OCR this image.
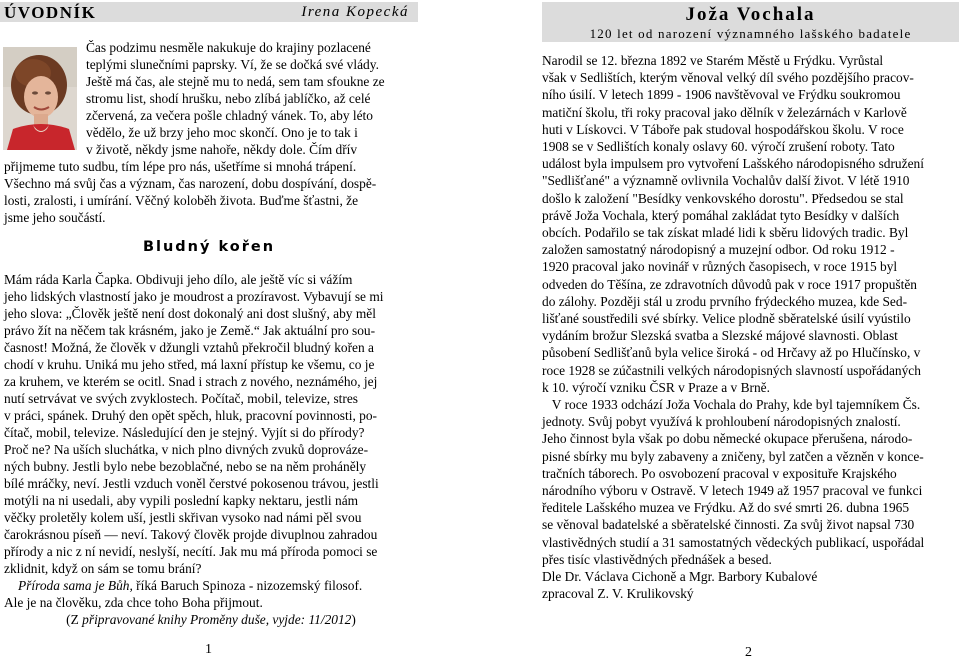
ÚVODNÍK	Irena Kopecká

Čas podzimu nesměle nakukuje do krajiny pozlacené

teplými slunečními paprsky. Ví, že se dočká své vlády.

Ještě má čas, ale stejně mu to nedá, sem tam sfoukne ze

stromu list, shodí hrušku, nebo zlíbá jablíčko, až celé

zčervená, za večera pošle chladný vánek. To, aby léto

vědělo, že už brzy jeho moc skončí. Ono je to tak i

v životě, někdy jsme nahoře, někdy dole. Čím dřív

přijmeme tuto sudbu, tím lépe pro nás, ušetříme si mnohá trápení.

Všechno má svůj čas a význam, čas narození, dobu dospívání, dospě-

losti, zralosti, i umírání. Věčný koloběh života. Buďme šťastni, že

jsme jeho součástí.

Bludný kořen

Mám ráda Karla Čapka. Obdivuji jeho dílo, ale ještě víc si vážím

jeho lidských vlastností jako je moudrost a prozíravost. Vybavují se mi

jeho slova: „Člověk ještě není dost dokonalý ani dost slušný, aby měl

právo žít na něčem tak krásném, jako je Země.“ Jak aktuální pro sou-

časnost! Možná, že člověk v džungli vztahů překročil bludný kořen a

chodí v kruhu. Uniká mu jeho střed, má laxní přístup ke všemu, co je

za kruhem, ve kterém se ocitl. Snad i strach z nového, neznámého, jej

nutí setrvávat ve svých zvyklostech. Počítač, mobil, televize, stres

v práci, spánek. Druhý den opět spěch, hluk, pracovní povinnosti, po-

čítač, mobil, televize. Následující den je stejný. Vyjít si do přírody?

Proč ne? Na uších sluchátka, v nich plno divných zvuků doprovázе-

ných bubny. Jestli bylo nebe bezoblačné, nebo se na něm proháněly

bílé mráčky, neví. Jestli vzduch voněl čerstvé pokosenou trávou, jestli

motýli na ni usedali, aby vypili poslední kapky nektaru, jestli nám

věčky proletěly kolem uší, jestli skřivan vysoko nad námi pěl svou

čarokrásnou píseň — neví. Takový člověk projde divuplnou zahradou

přírody a nic z ní nevidí, neslyší, necítí. Jak mu má příroda pomoci se

zklidnit, když on sám se tomu brání?

Příroda sama je Bůh, říká Baruch Spinoza - nizozemský filosof.

Ale je na člověku, zda chce toho Boha přijmout.

(Z připravované knihy Proměny duše, vyjde: 11/2012)

1
Joža Vochala
120 let od narození významného lašského badatele

Narodil se 12. března 1892 ve Starém Městě u Frýdku. Vyrůstal

však v Sedlištích, kterým věnoval velký díl svého pozdějšího pracov-

ního úsilí. V letech 1899 - 1906 navštěvoval ve Frýdku soukromou

matiční školu, tři roky pracoval jako dělník v železárnách v Karlově

huti v Lískovci. V Táboře pak studoval hospodářskou školu. V roce

1908 se v Sedlištích konaly oslavy 60. výročí zrušení roboty. Tato

událost byla impulsem pro vytvoření Lašského národopisného sdružení

"Sedlišťané" a významně ovlivnila Vochalův další život. V létě 1910

došlo k založení "Besídky venkovského dorostu". Předsedou se stal

právě Joža Vochala, který pomáhal zakládat tyto Besídky v dalších

obcích. Podařilo se tak získat mladé lidi k sběru lidových tradic. Byl

založen samostatný národopisný a muzejní odbor. Od roku 1912 -

1920 pracoval jako novinář v různých časopisech, v roce 1915 byl

odveden do Těšína, ze zdravotních důvodů pak v roce 1917 propuštěn

do zálohy. Později stál u zrodu prvního frýdeckého muzea, kde Sed-

lišťané soustředili své sbírky. Velice plodně sběratelské úsilí vyústilo

vydáním brožur Slezská svatba a Slezské májové slavnosti. Oblast

působení Sedlišťanů byla velice široká - od Hrčavy až po Hlučínsko, v

roce 1928 se zúčastnili velkých národopisných slavností uspořádaných

k 10. výročí vzniku ČSR v Praze a v Brně.

V roce 1933 odchází Joža Vochala do Prahy, kde byl tajemníkem Čs.

jednoty. Svůj pobyt využívá k prohloubení národopisných znalostí.

Jeho činnost byla však po dobu německé okupace přerušena, národo-

pisné sbírky mu byly zabaveny a zničeny, byl zatčen a vězněn v konce-

tračních táborech. Po osvobození pracoval v exposituře Krajského

národního výboru v Ostravě. V letech 1949 až 1957 pracoval ve funkci

ředitele Lašského muzea ve Frýdku. Až do své smrti 26. dubna 1965

se věnoval badatelské a sběratelské činnosti. Za svůj život napsal 730

vlastivědných studií a 31 samostatných vědeckých publikací, uspořádal

přes tisíc vlastivědných přednášek a besed.

Dle Dr. Václava Cichoně a Mgr. Barbory Kubalové

zpracoval Z. V. Krulikovský

2
